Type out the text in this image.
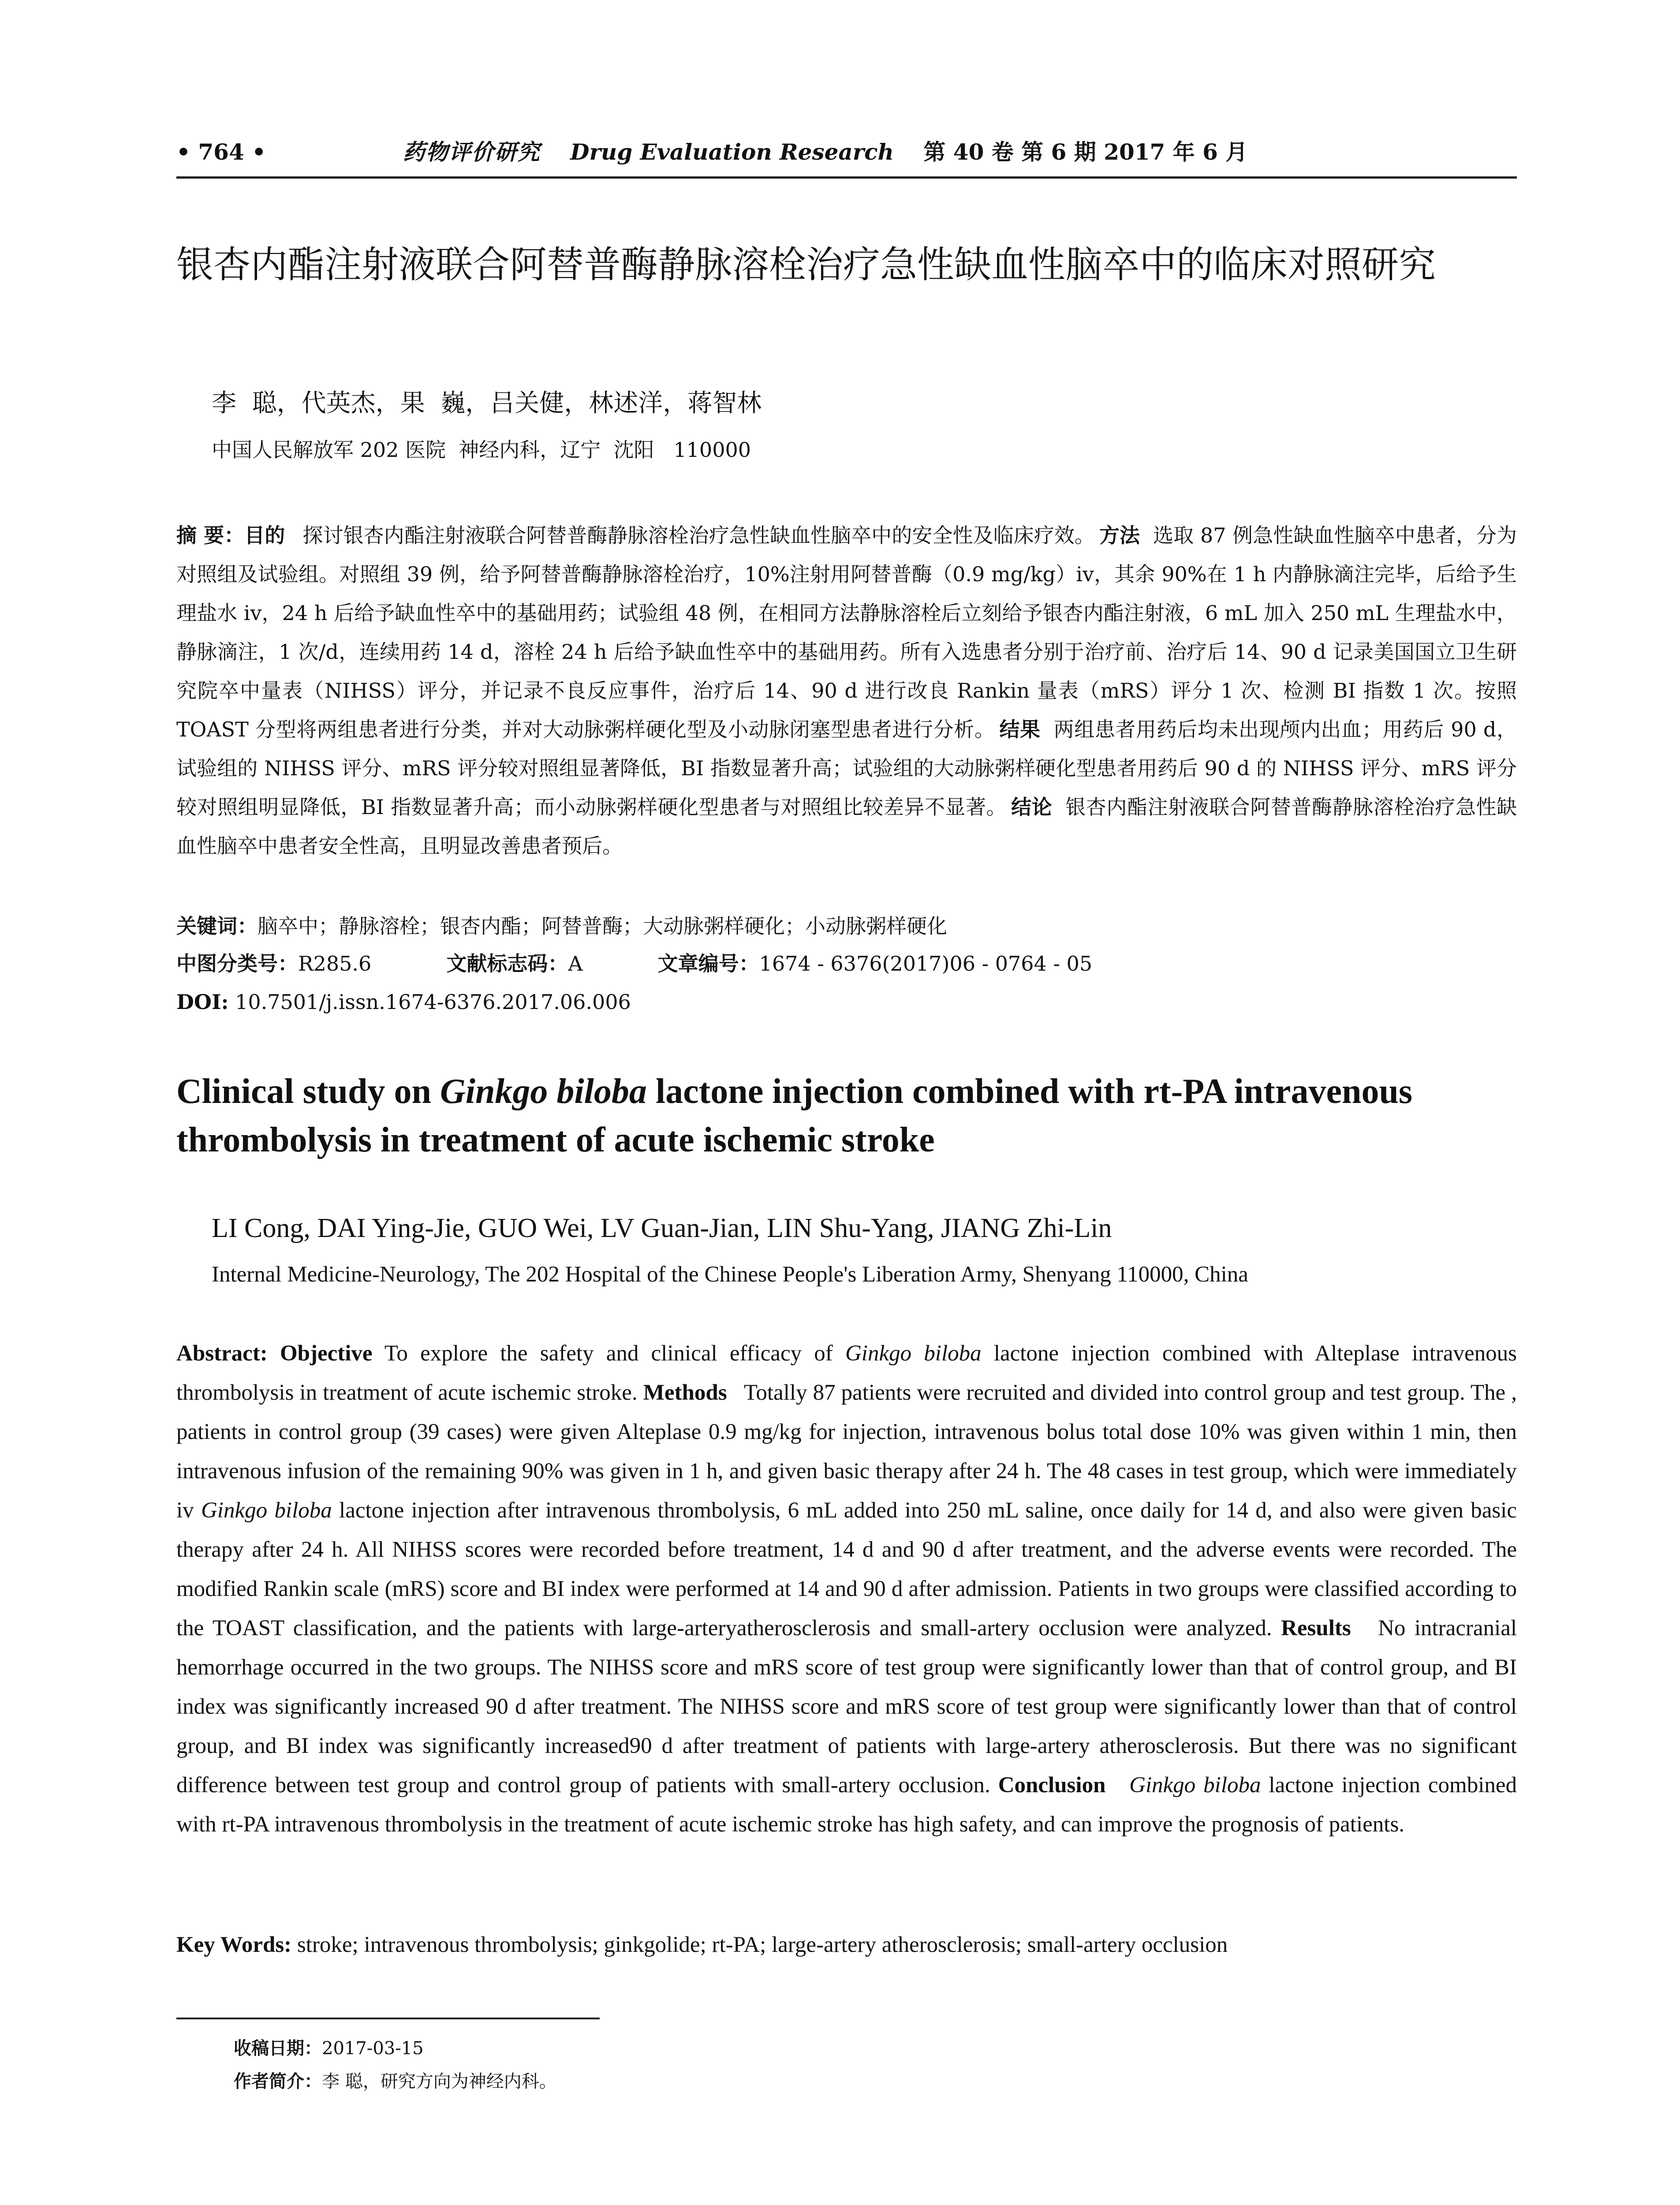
• 764 •	药物评价研究 Drug Evaluation Research 第 40 卷 第 6 期 2017 年 6 月
银杏内酯注射液联合阿替普酶静脉溶栓治疗急性缺血性脑卒中的临床对照研究
李  聪，代英杰，果  巍，吕关健，林述洋，蒋智林
中国人民解放军 202 医院  神经内科，辽宁  沈阳   110000
摘 要：目的 探讨银杏内酯注射液联合阿替普酶静脉溶栓治疗急性缺血性脑卒中的安全性及临床疗效。 方法 选取 87 例急性缺血性脑卒中患者，分为对照组及试验组。对照组 39 例，给予阿替普酶静脉溶栓治疗，10%注射用阿替普酶（0.9 mg/kg）iv，其余 90%在 1 h 内静脉滴注完毕，后给予生理盐水 iv，24 h 后给予缺血性卒中的基础用药；试验组 48 例，在相同方法静脉溶栓后立刻给予银杏内酯注射液，6 mL 加入 250 mL 生理盐水中，静脉滴注，1 次/d，连续用药 14 d，溶栓 24 h 后给予缺血性卒中的基础用药。所有入选患者分别于治疗前、治疗后 14、90 d 记录美国国立卫生研究院卒中量表（NIHSS）评分，并记录不良反应事件，治疗后 14、90 d 进行改良 Rankin 量表（mRS）评分 1 次、检测 BI 指数 1 次。按照 TOAST 分型将两组患者进行分类，并对大动脉粥样硬化型及小动脉闭塞型患者进行分析。 结果 两组患者用药后均未出现颅内出血；用药后 90 d，试验组的 NIHSS 评分、mRS 评分较对照组显著降低，BI 指数显著升高；试验组的大动脉粥样硬化型患者用药后 90 d 的 NIHSS 评分、mRS 评分较对照组明显降低，BI 指数显著升高；而小动脉粥样硬化型患者与对照组比较差异不显著。 结论 银杏内酯注射液联合阿替普酶静脉溶栓治疗急性缺血性脑卒中患者安全性高，且明显改善患者预后。
关键词：脑卒中；静脉溶栓；银杏内酯；阿替普酶；大动脉粥样硬化；小动脉粥样硬化
中图分类号：R285.6	文献标志码：A	文章编号：1674 - 6376(2017)06 - 0764 - 05
DOI: 10.7501/j.issn.1674-6376.2017.06.006
Clinical study on Ginkgo biloba lactone injection combined with rt-PA intravenous thrombolysis in treatment of acute ischemic stroke
LI Cong, DAI Ying-Jie, GUO Wei, LV Guan-Jian, LIN Shu-Yang, JIANG Zhi-Lin
Internal Medicine-Neurology, The 202 Hospital of the Chinese People's Liberation Army, Shenyang 110000, China
Abstract: Objective To explore the safety and clinical efficacy of Ginkgo biloba lactone injection combined with Alteplase intravenous thrombolysis in treatment of acute ischemic stroke. Methods Totally 87 patients were recruited and divided into control group and test group. The , patients in control group (39 cases) were given Alteplase 0.9 mg/kg for injection, intravenous bolus total dose 10% was given within 1 min, then intravenous infusion of the remaining 90% was given in 1 h, and given basic therapy after 24 h. The 48 cases in test group, which were immediately iv Ginkgo biloba lactone injection after intravenous thrombolysis, 6 mL added into 250 mL saline, once daily for 14 d, and also were given basic therapy after 24 h. All NIHSS scores were recorded before treatment, 14 d and 90 d after treatment, and the adverse events were recorded. The modified Rankin scale (mRS) score and BI index were performed at 14 and 90 d after admission. Patients in two groups were classified according to the TOAST classification, and the patients with large-arteryatherosclerosis and small-artery occlusion were analyzed. Results No intracranial hemorrhage occurred in the two groups. The NIHSS score and mRS score of test group were significantly lower than that of control group, and BI index was significantly increased 90 d after treatment. The NIHSS score and mRS score of test group were significantly lower than that of control group, and BI index was significantly increased90 d after treatment of patients with large-artery atherosclerosis. But there was no significant difference between test group and control group of patients with small-artery occlusion. Conclusion Ginkgo biloba lactone injection combined with rt-PA intravenous thrombolysis in the treatment of acute ischemic stroke has high safety, and can improve the prognosis of patients.
Key Words: stroke; intravenous thrombolysis; ginkgolide; rt-PA; large-artery atherosclerosis; small-artery occlusion
收稿日期：2017-03-15
作者简介：李 聪，研究方向为神经内科。
